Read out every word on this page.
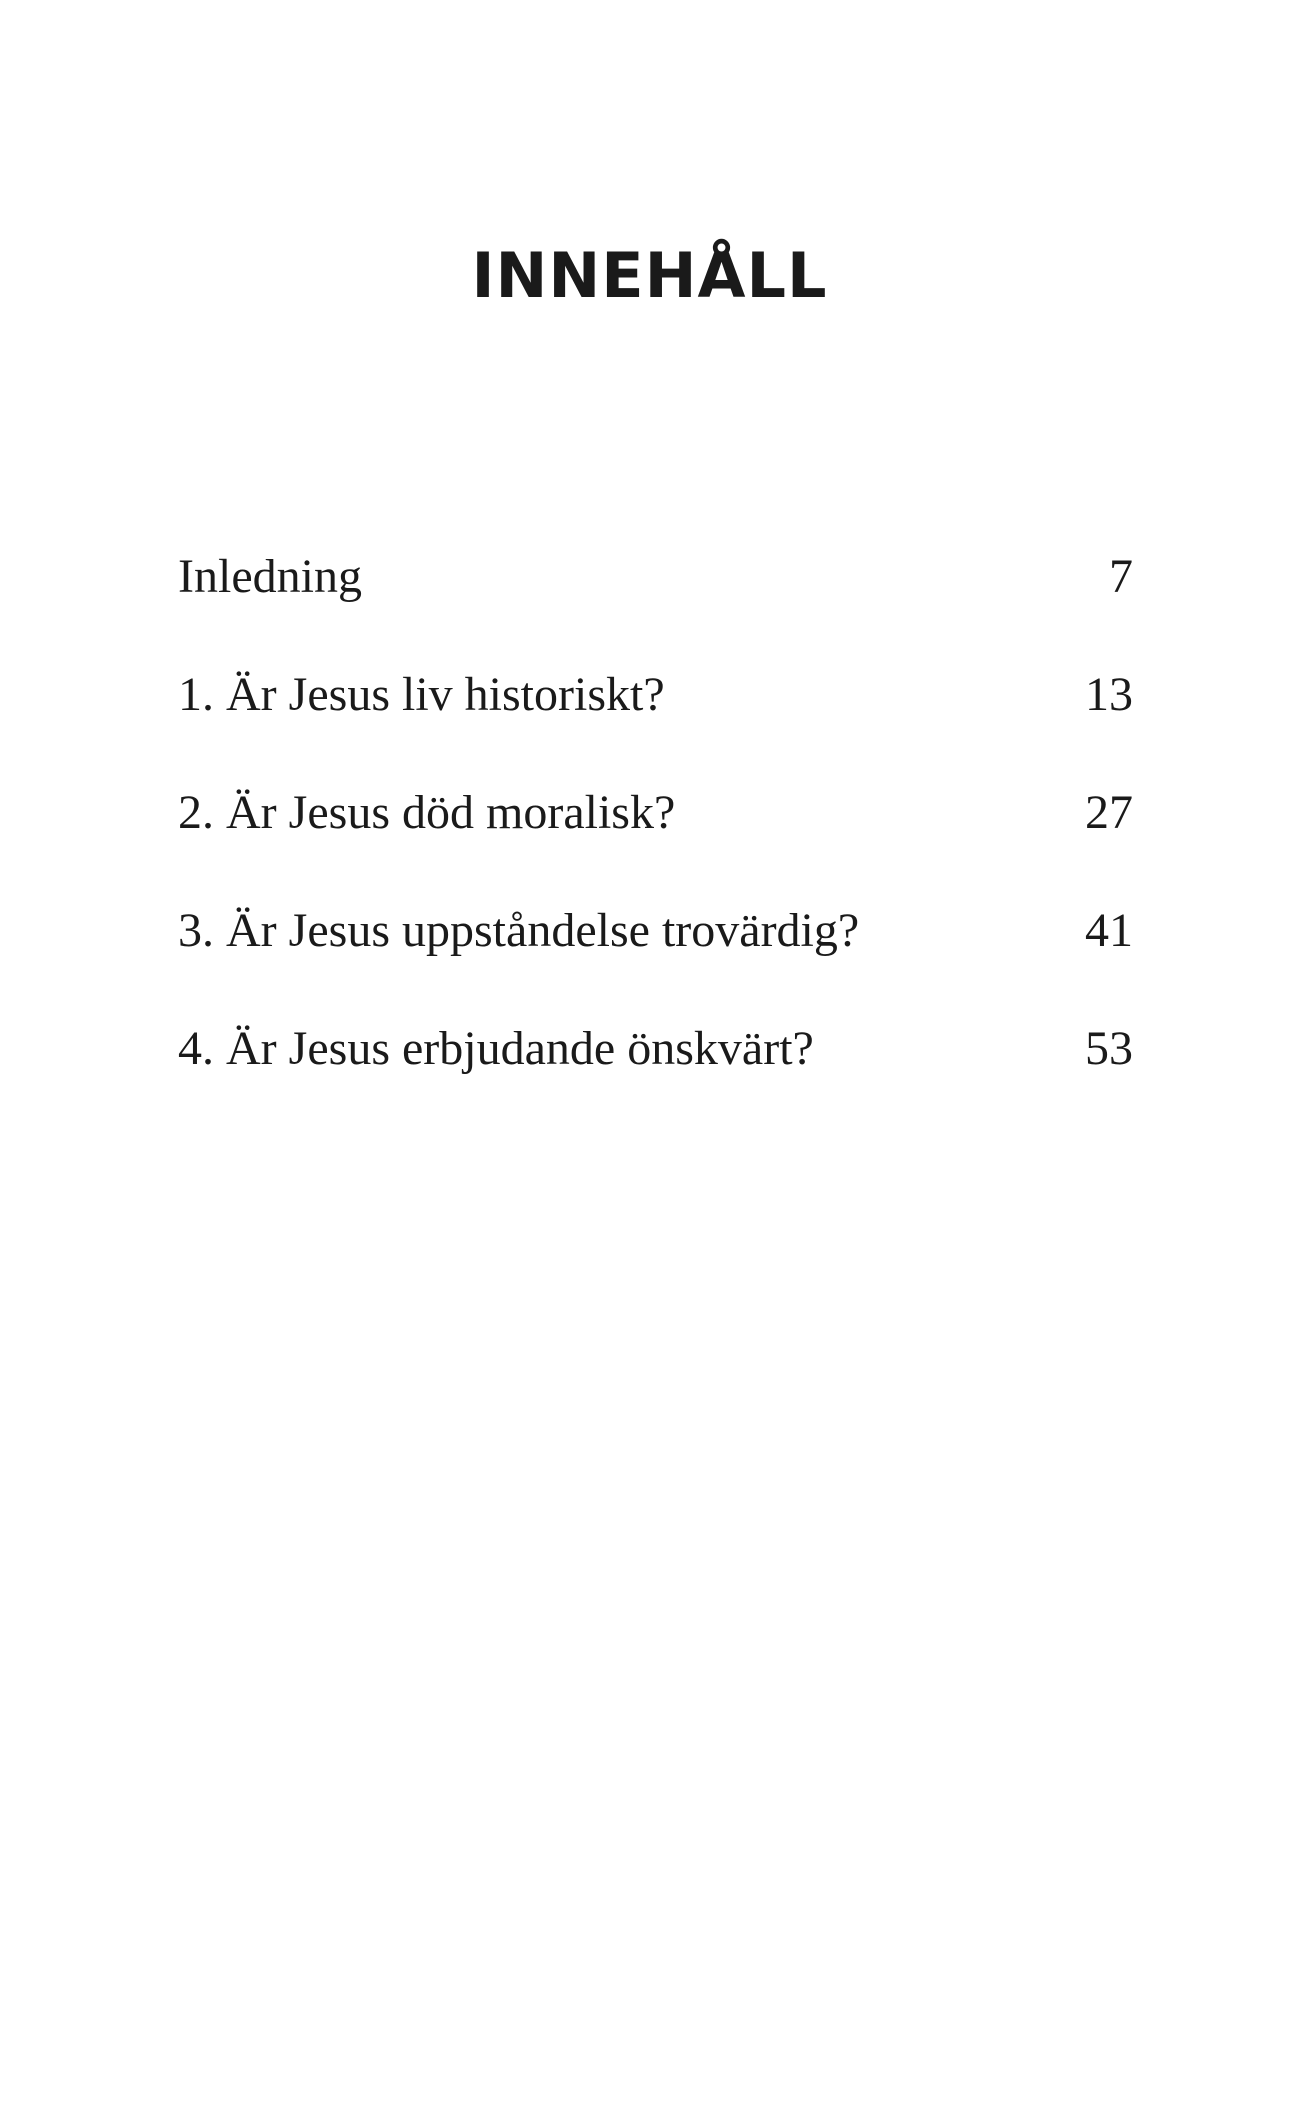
INNEHÅLL
Inledning	7
1. Är Jesus liv historiskt?	13
2. Är Jesus död moralisk?	27
3. Är Jesus uppståndelse trovärdig?	41
4. Är Jesus erbjudande önskvärt?	53
